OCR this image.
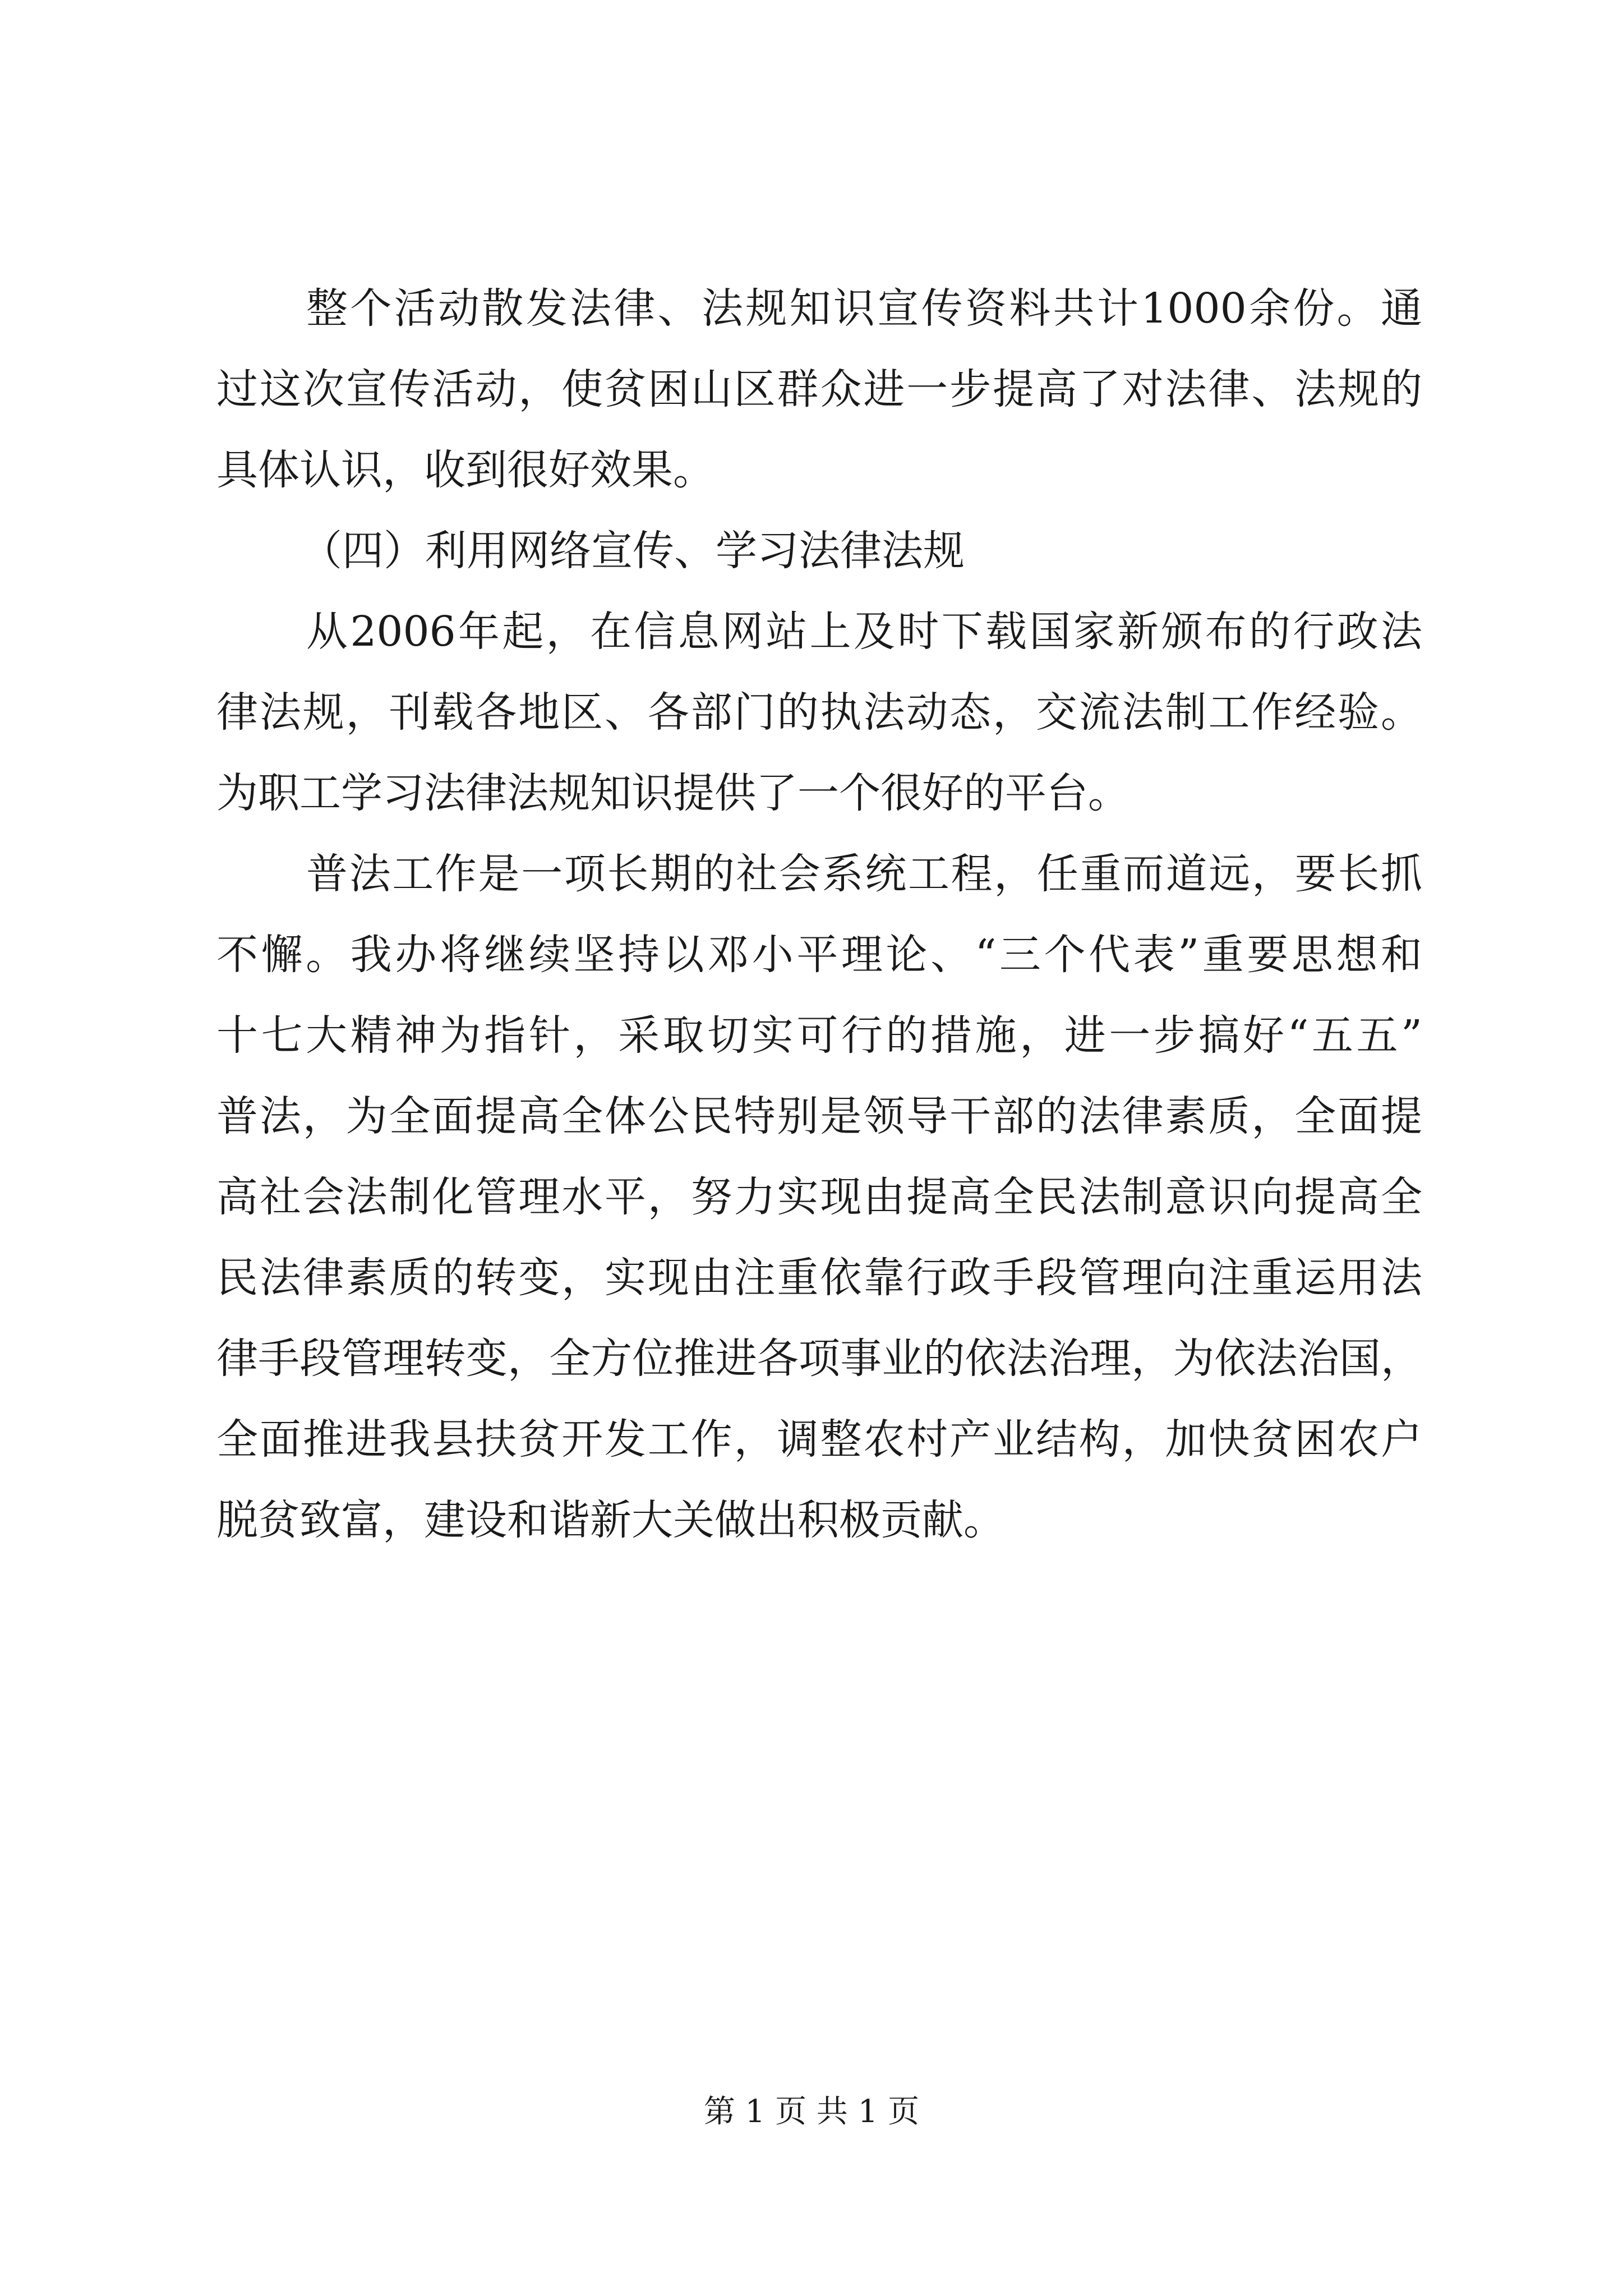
整个活动散发法律、法规知识宣传资料共计1000余份。通
过这次宣传活动，使贫困山区群众进一步提高了对法律、法规的
具体认识，收到很好效果。
（四）利用网络宣传、学习法律法规
从2006年起，在信息网站上及时下载国家新颁布的行政法
律法规，刊载各地区、各部门的执法动态，交流法制工作经验。
为职工学习法律法规知识提供了一个很好的平台。
普法工作是一项长期的社会系统工程，任重而道远，要长抓
不懈。我办将继续坚持以邓小平理论、“三个代表”重要思想和
十七大精神为指针，采取切实可行的措施，进一步搞好“五五”
普法，为全面提高全体公民特别是领导干部的法律素质，全面提
高社会法制化管理水平，努力实现由提高全民法制意识向提高全
民法律素质的转变，实现由注重依靠行政手段管理向注重运用法
律手段管理转变，全方位推进各项事业的依法治理，为依法治国，
全面推进我县扶贫开发工作，调整农村产业结构，加快贫困农户
脱贫致富，建设和谐新大关做出积极贡献。
第 1 页 共 1 页
